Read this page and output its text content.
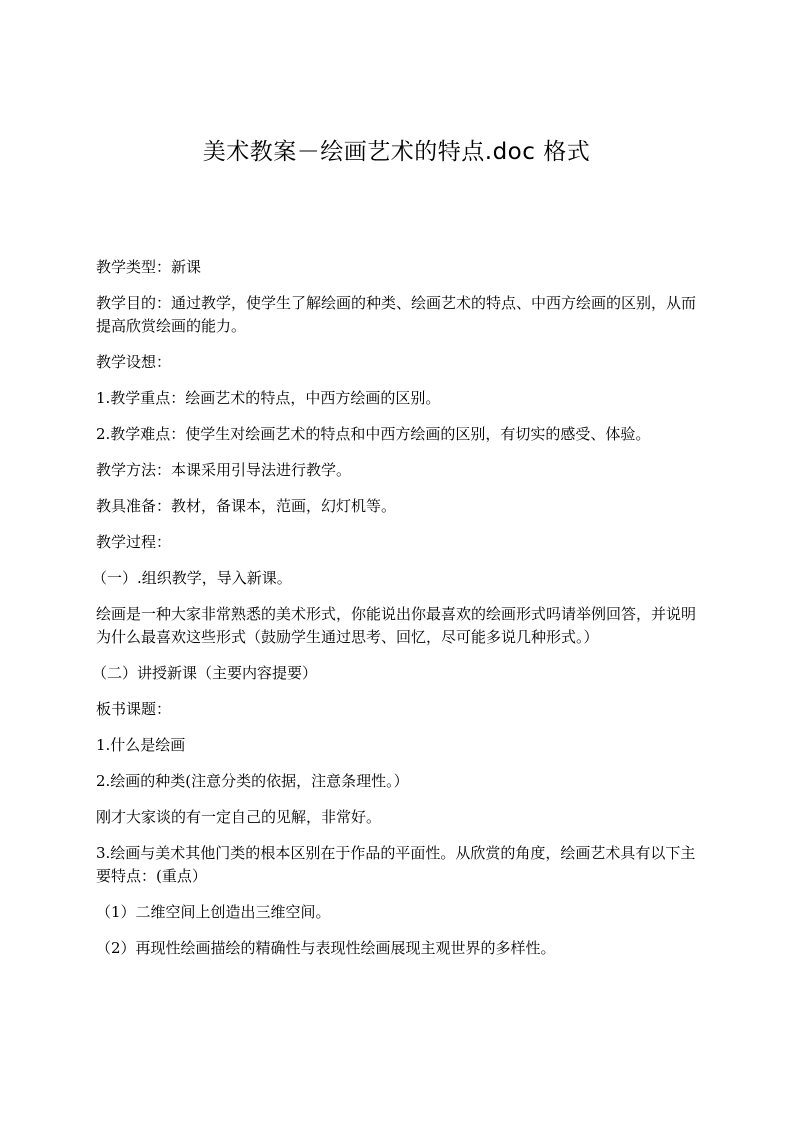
美术教案－绘画艺术的特点.doc 格式

教学类型：新课

教学目的：通过教学，使学生了解绘画的种类、绘画艺术的特点、中西方绘画的区别，从而提高欣赏绘画的能力。

教学设想：

1.教学重点：绘画艺术的特点，中西方绘画的区别。

2.教学难点：使学生对绘画艺术的特点和中西方绘画的区别，有切实的感受、体验。

教学方法：本课采用引导法进行教学。

教具准备：教材，备课本，范画，幻灯机等。

教学过程：

（一）.组织教学，导入新课。

绘画是一种大家非常熟悉的美术形式，你能说出你最喜欢的绘画形式吗请举例回答，并说明为什么最喜欢这些形式（鼓励学生通过思考、回忆，尽可能多说几种形式。）

（二）讲授新课（主要内容提要）

板书课题：

1.什么是绘画

2.绘画的种类(注意分类的依据，注意条理性。）

刚才大家谈的有一定自己的见解，非常好。

3.绘画与美术其他门类的根本区别在于作品的平面性。从欣赏的角度，绘画艺术具有以下主要特点：(重点）

（1）二维空间上创造出三维空间。

（2）再现性绘画描绘的精确性与表现性绘画展现主观世界的多样性。
